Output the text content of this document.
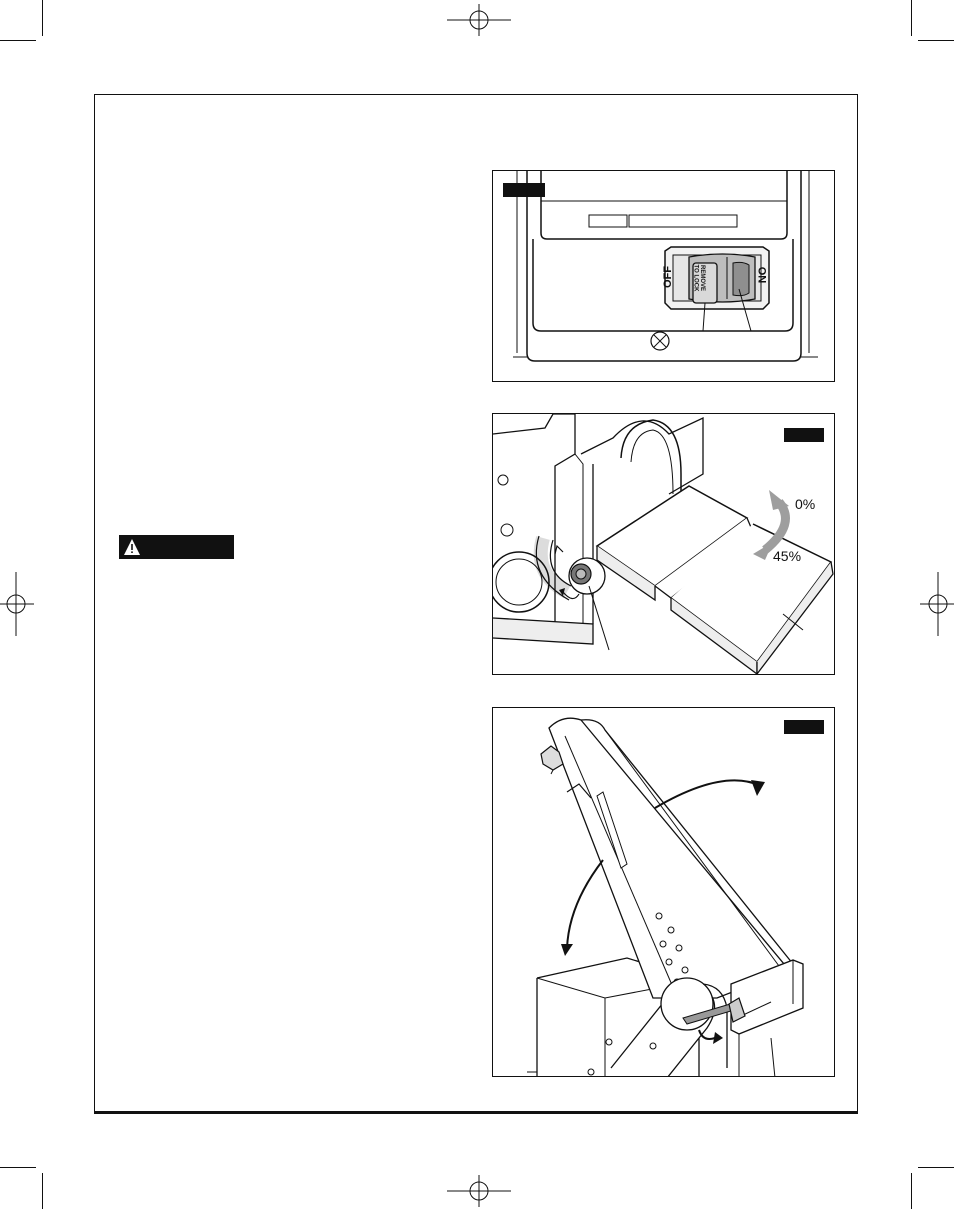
OFF	ON
REMOVE
TO LOCK
0%
45%
